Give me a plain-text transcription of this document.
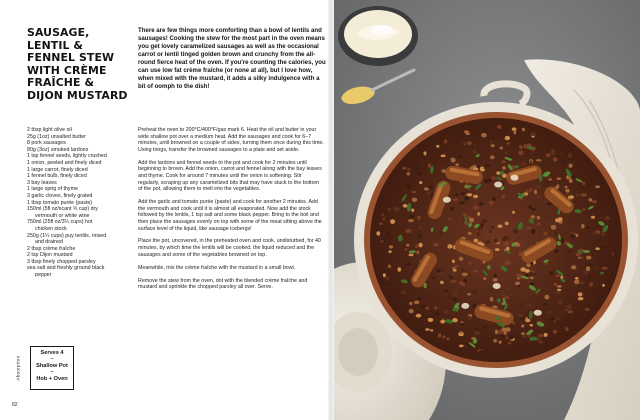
SAUSAGE,
LENTIL &
FENNEL STEW
WITH CRÈME
FRAÎCHE &
DIJON MUSTARD

There are few things more comforting than a bowl of lentils and sausages! Cooking the stew for the most part in the oven means you get lovely caramelized sausages as well as the occasional carrot or lentil tinged golden brown and crunchy from the all-round fierce heat of the oven. If you're counting the calories, you can use low fat crème fraîche (or none at all), but I love how, when mixed with the mustard, it adds a silky indulgence with a bit of oomph to the dish!

2 tbsp light olive oil
25g (1oz) unsalted butter
8 pork sausages
80g (3oz) smoked lardons
1 tsp fennel seeds, lightly crushed
1 onion, peeled and finely diced
1 large carrot, finely diced
1 fennel bulb, finely diced
3 bay leaves
1 large sprig of thyme
3 garlic cloves, finely grated
1 tbsp tomato purée (paste)
150ml (5fl oz/scant ⅔ cup) dry
vermouth or white wine
750ml (25fl oz/3¼ cups) hot
chicken stock
250g (1¼ cups) puy lentils, rinsed
and drained
2 tbsp crème fraîche
2 tsp Dijon mustard
3 tbsp finely chopped parsley
sea salt and freshly ground black
pepper

Preheat the oven to 200°C/400°F/gas mark 6. Heat the oil and butter in your wide shallow pot over a medium heat. Add the sausages and cook for 6–7 minutes, until browned on a couple of sides, turning them once during this time. Using tongs, transfer the browned sausages to a plate and set aside.

Add the lardons and fennel seeds to the pot and cook for 2 minutes until beginning to brown. Add the onion, carrot and fennel along with the bay leaves and thyme. Cook for around 7 minutes until the onion is softening. Stir regularly, scraping up any caramelized bits that may have stuck to the bottom of the pot, allowing them to melt into the vegetables.

Add the garlic and tomato purée (paste) and cook for another 2 minutes. Add the vermouth and cook until it is almost all evaporated. Now add the stock followed by the lentils, 1 tsp salt and some black pepper. Bring to the boil and then place the sausages evenly on top with some of the meat sitting above the surface level of the liquid, like sausage icebergs!

Place the pot, uncovered, in the preheated oven and cook, undisturbed, for 40 minutes, by which time the lentils will be cooked, the liquid reduced and the sausages and some of the vegetables browned on top.

Meanwhile, mix the crème fraîche with the mustard in a small bowl.

Remove the stew from the oven, dot with the blended crème fraîche and mustard and sprinkle the chopped parsley all over. Serve.

Serves 4
–
Shallow Pot
–
Hob + Oven
Absorption
82
